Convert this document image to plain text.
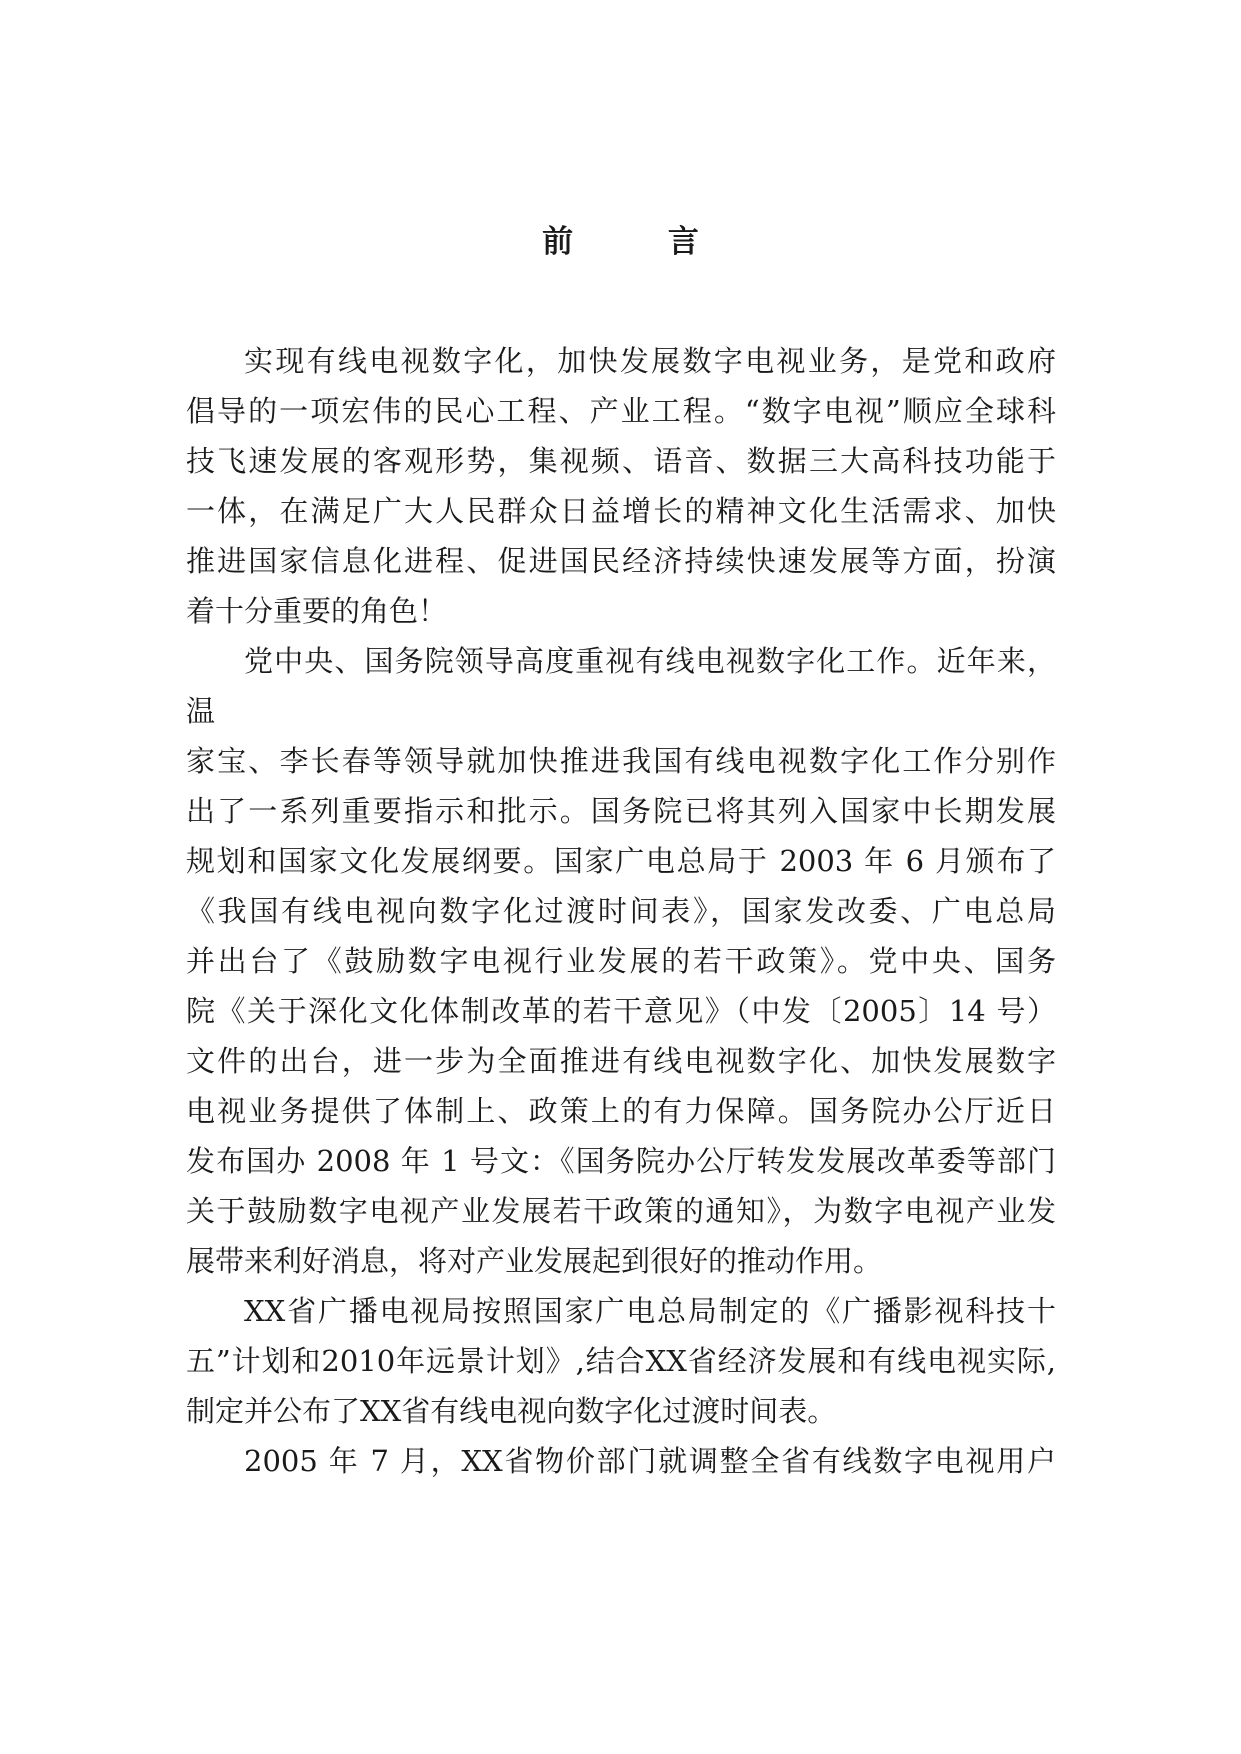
前 言

实现有线电视数字化，加快发展数字电视业务，是党和政府

倡导的一项宏伟的民心工程、产业工程。“数字电视”顺应全球科

技飞速发展的客观形势，集视频、语音、数据三大高科技功能于

一体，在满足广大人民群众日益增长的精神文化生活需求、加快

推进国家信息化进程、促进国民经济持续快速发展等方面，扮演

着十分重要的角色！

党中央、国务院领导高度重视有线电视数字化工作。近年来，

温

家宝、李长春等领导就加快推进我国有线电视数字化工作分别作

出了一系列重要指示和批示。国务院已将其列入国家中长期发展

规划和国家文化发展纲要。国家广电总局于 2003 年 6 月颁布了

《我国有线电视向数字化过渡时间表》，国家发改委、广电总局

并出台了《鼓励数字电视行业发展的若干政策》。党中央、国务

院《关于深化文化体制改革的若干意见》（中发〔2005〕14 号）

文件的出台，进一步为全面推进有线电视数字化、加快发展数字

电视业务提供了体制上、政策上的有力保障。国务院办公厅近日

发布国办 2008 年 1 号文：《国务院办公厅转发发展改革委等部门

关于鼓励数字电视产业发展若干政策的通知》，为数字电视产业发

展带来利好消息，将对产业发展起到很好的推动作用。

XX省广播电视局按照国家广电总局制定的《广播影视科技十

五”计划和2010年远景计划》,结合XX省经济发展和有线电视实际,

制定并公布了XX省有线电视向数字化过渡时间表。

2005 年 7 月，XX省物价部门就调整全省有线数字电视用户
